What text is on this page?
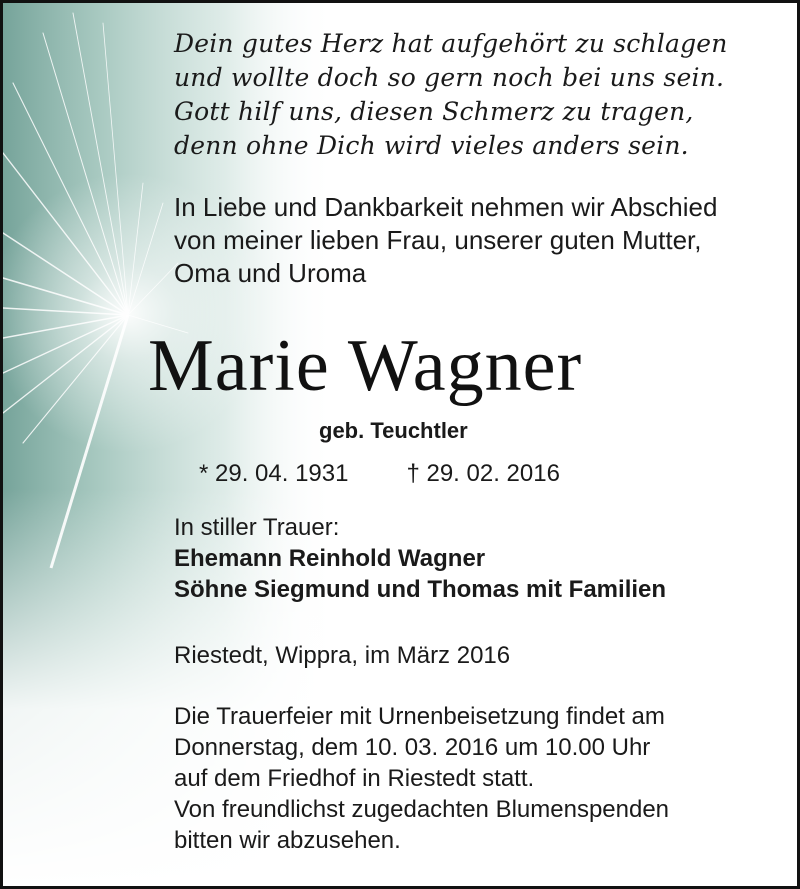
Dein gutes Herz hat aufgehört zu schlagen
und wollte doch so gern noch bei uns sein.
Gott hilf uns, diesen Schmerz zu tragen,
denn ohne Dich wird vieles anders sein.
In Liebe und Dankbarkeit nehmen wir Abschied
von meiner lieben Frau, unserer guten Mutter,
Oma und Uroma
Marie Wagner
geb. Teuchtler
* 29. 04. 1931 † 29. 02. 2016
In stiller Trauer:
Ehemann Reinhold Wagner
Söhne Siegmund und Thomas mit Familien
Riestedt, Wippra, im März 2016
Die Trauerfeier mit Urnenbeisetzung findet am
Donnerstag, dem 10. 03. 2016 um 10.00 Uhr
auf dem Friedhof in Riestedt statt.
Von freundlichst zugedachten Blumenspenden
bitten wir abzusehen.
